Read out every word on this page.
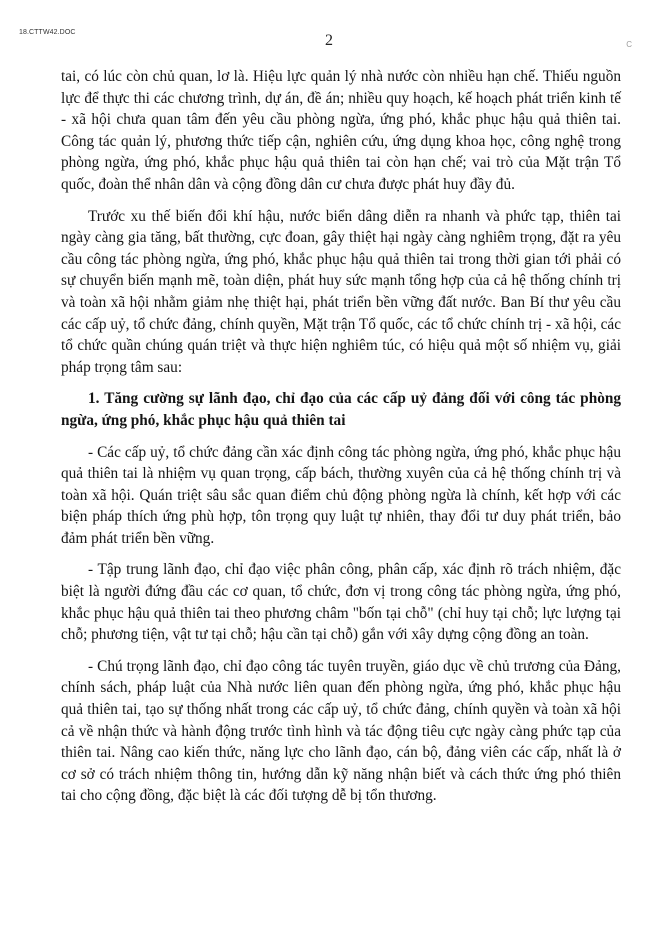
18.CTTW42.DOC	2	C

tai, có lúc còn chủ quan, lơ là. Hiệu lực quản lý nhà nước còn nhiều hạn chế. Thiếu nguồn lực để thực thi các chương trình, dự án, đề án; nhiều quy hoạch, kế hoạch phát triển kinh tế - xã hội chưa quan tâm đến yêu cầu phòng ngừa, ứng phó, khắc phục hậu quả thiên tai. Công tác quản lý, phương thức tiếp cận, nghiên cứu, ứng dụng khoa học, công nghệ trong phòng ngừa, ứng phó, khắc phục hậu quả thiên tai còn hạn chế; vai trò của Mặt trận Tổ quốc, đoàn thể nhân dân và cộng đồng dân cư chưa được phát huy đầy đủ.

Trước xu thế biến đổi khí hậu, nước biển dâng diễn ra nhanh và phức tạp, thiên tai ngày càng gia tăng, bất thường, cực đoan, gây thiệt hại ngày càng nghiêm trọng, đặt ra yêu cầu công tác phòng ngừa, ứng phó, khắc phục hậu quả thiên tai trong thời gian tới phải có sự chuyển biến mạnh mẽ, toàn diện, phát huy sức mạnh tổng hợp của cả hệ thống chính trị và toàn xã hội nhằm giảm nhẹ thiệt hại, phát triển bền vững đất nước. Ban Bí thư yêu cầu các cấp uỷ, tổ chức đảng, chính quyền, Mặt trận Tổ quốc, các tổ chức chính trị - xã hội, các tổ chức quần chúng quán triệt và thực hiện nghiêm túc, có hiệu quả một số nhiệm vụ, giải pháp trọng tâm sau:

1. Tăng cường sự lãnh đạo, chỉ đạo của các cấp uỷ đảng đối với công tác phòng ngừa, ứng phó, khắc phục hậu quả thiên tai

- Các cấp uỷ, tổ chức đảng cần xác định công tác phòng ngừa, ứng phó, khắc phục hậu quả thiên tai là nhiệm vụ quan trọng, cấp bách, thường xuyên của cả hệ thống chính trị và toàn xã hội. Quán triệt sâu sắc quan điểm chủ động phòng ngừa là chính, kết hợp với các biện pháp thích ứng phù hợp, tôn trọng quy luật tự nhiên, thay đổi tư duy phát triển, bảo đảm phát triển bền vững.

- Tập trung lãnh đạo, chỉ đạo việc phân công, phân cấp, xác định rõ trách nhiệm, đặc biệt là người đứng đầu các cơ quan, tổ chức, đơn vị trong công tác phòng ngừa, ứng phó, khắc phục hậu quả thiên tai theo phương châm "bốn tại chỗ" (chỉ huy tại chỗ; lực lượng tại chỗ; phương tiện, vật tư tại chỗ; hậu cần tại chỗ) gắn với xây dựng cộng đồng an toàn.

- Chú trọng lãnh đạo, chỉ đạo công tác tuyên truyền, giáo dục về chủ trương của Đảng, chính sách, pháp luật của Nhà nước liên quan đến phòng ngừa, ứng phó, khắc phục hậu quả thiên tai, tạo sự thống nhất trong các cấp uỷ, tổ chức đảng, chính quyền và toàn xã hội cả về nhận thức và hành động trước tình hình và tác động tiêu cực ngày càng phức tạp của thiên tai. Nâng cao kiến thức, năng lực cho lãnh đạo, cán bộ, đảng viên các cấp, nhất là ở cơ sở có trách nhiệm thông tin, hướng dẫn kỹ năng nhận biết và cách thức ứng phó thiên tai cho cộng đồng, đặc biệt là các đối tượng dễ bị tổn thương.
